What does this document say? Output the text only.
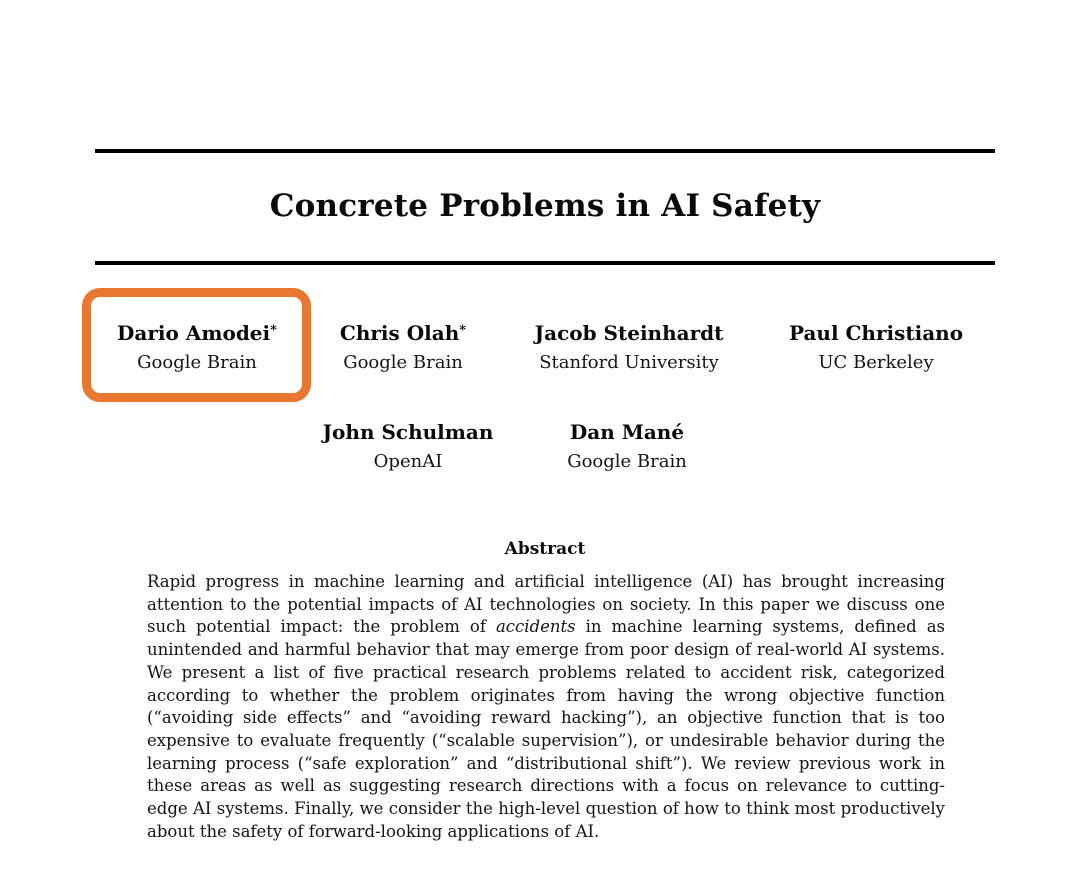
Concrete Problems in AI Safety
Dario Amodei*
Google Brain
Chris Olah*
Google Brain
Jacob Steinhardt
Stanford University
Paul Christiano
UC Berkeley
John Schulman
OpenAI
Dan Mané
Google Brain
Abstract

Rapid progress in machine learning and artificial intelligence (AI) has brought increasing attention to the potential impacts of AI technologies on society. In this paper we discuss one such potential impact: the problem of accidents in machine learning systems, defined as unintended and harmful behavior that may emerge from poor design of real-world AI systems. We present a list of five practical research problems related to accident risk, categorized according to whether the problem originates from having the wrong objective function (“avoiding side effects” and “avoiding reward hacking”), an objective function that is too expensive to evaluate frequently (“scalable supervision”), or undesirable behavior during the learning process (“safe exploration” and “distributional shift”). We review previous work in these areas as well as suggesting research directions with a focus on relevance to cutting-edge AI systems. Finally, we consider the high-level question of how to think most productively about the safety of forward-looking applications of AI.
